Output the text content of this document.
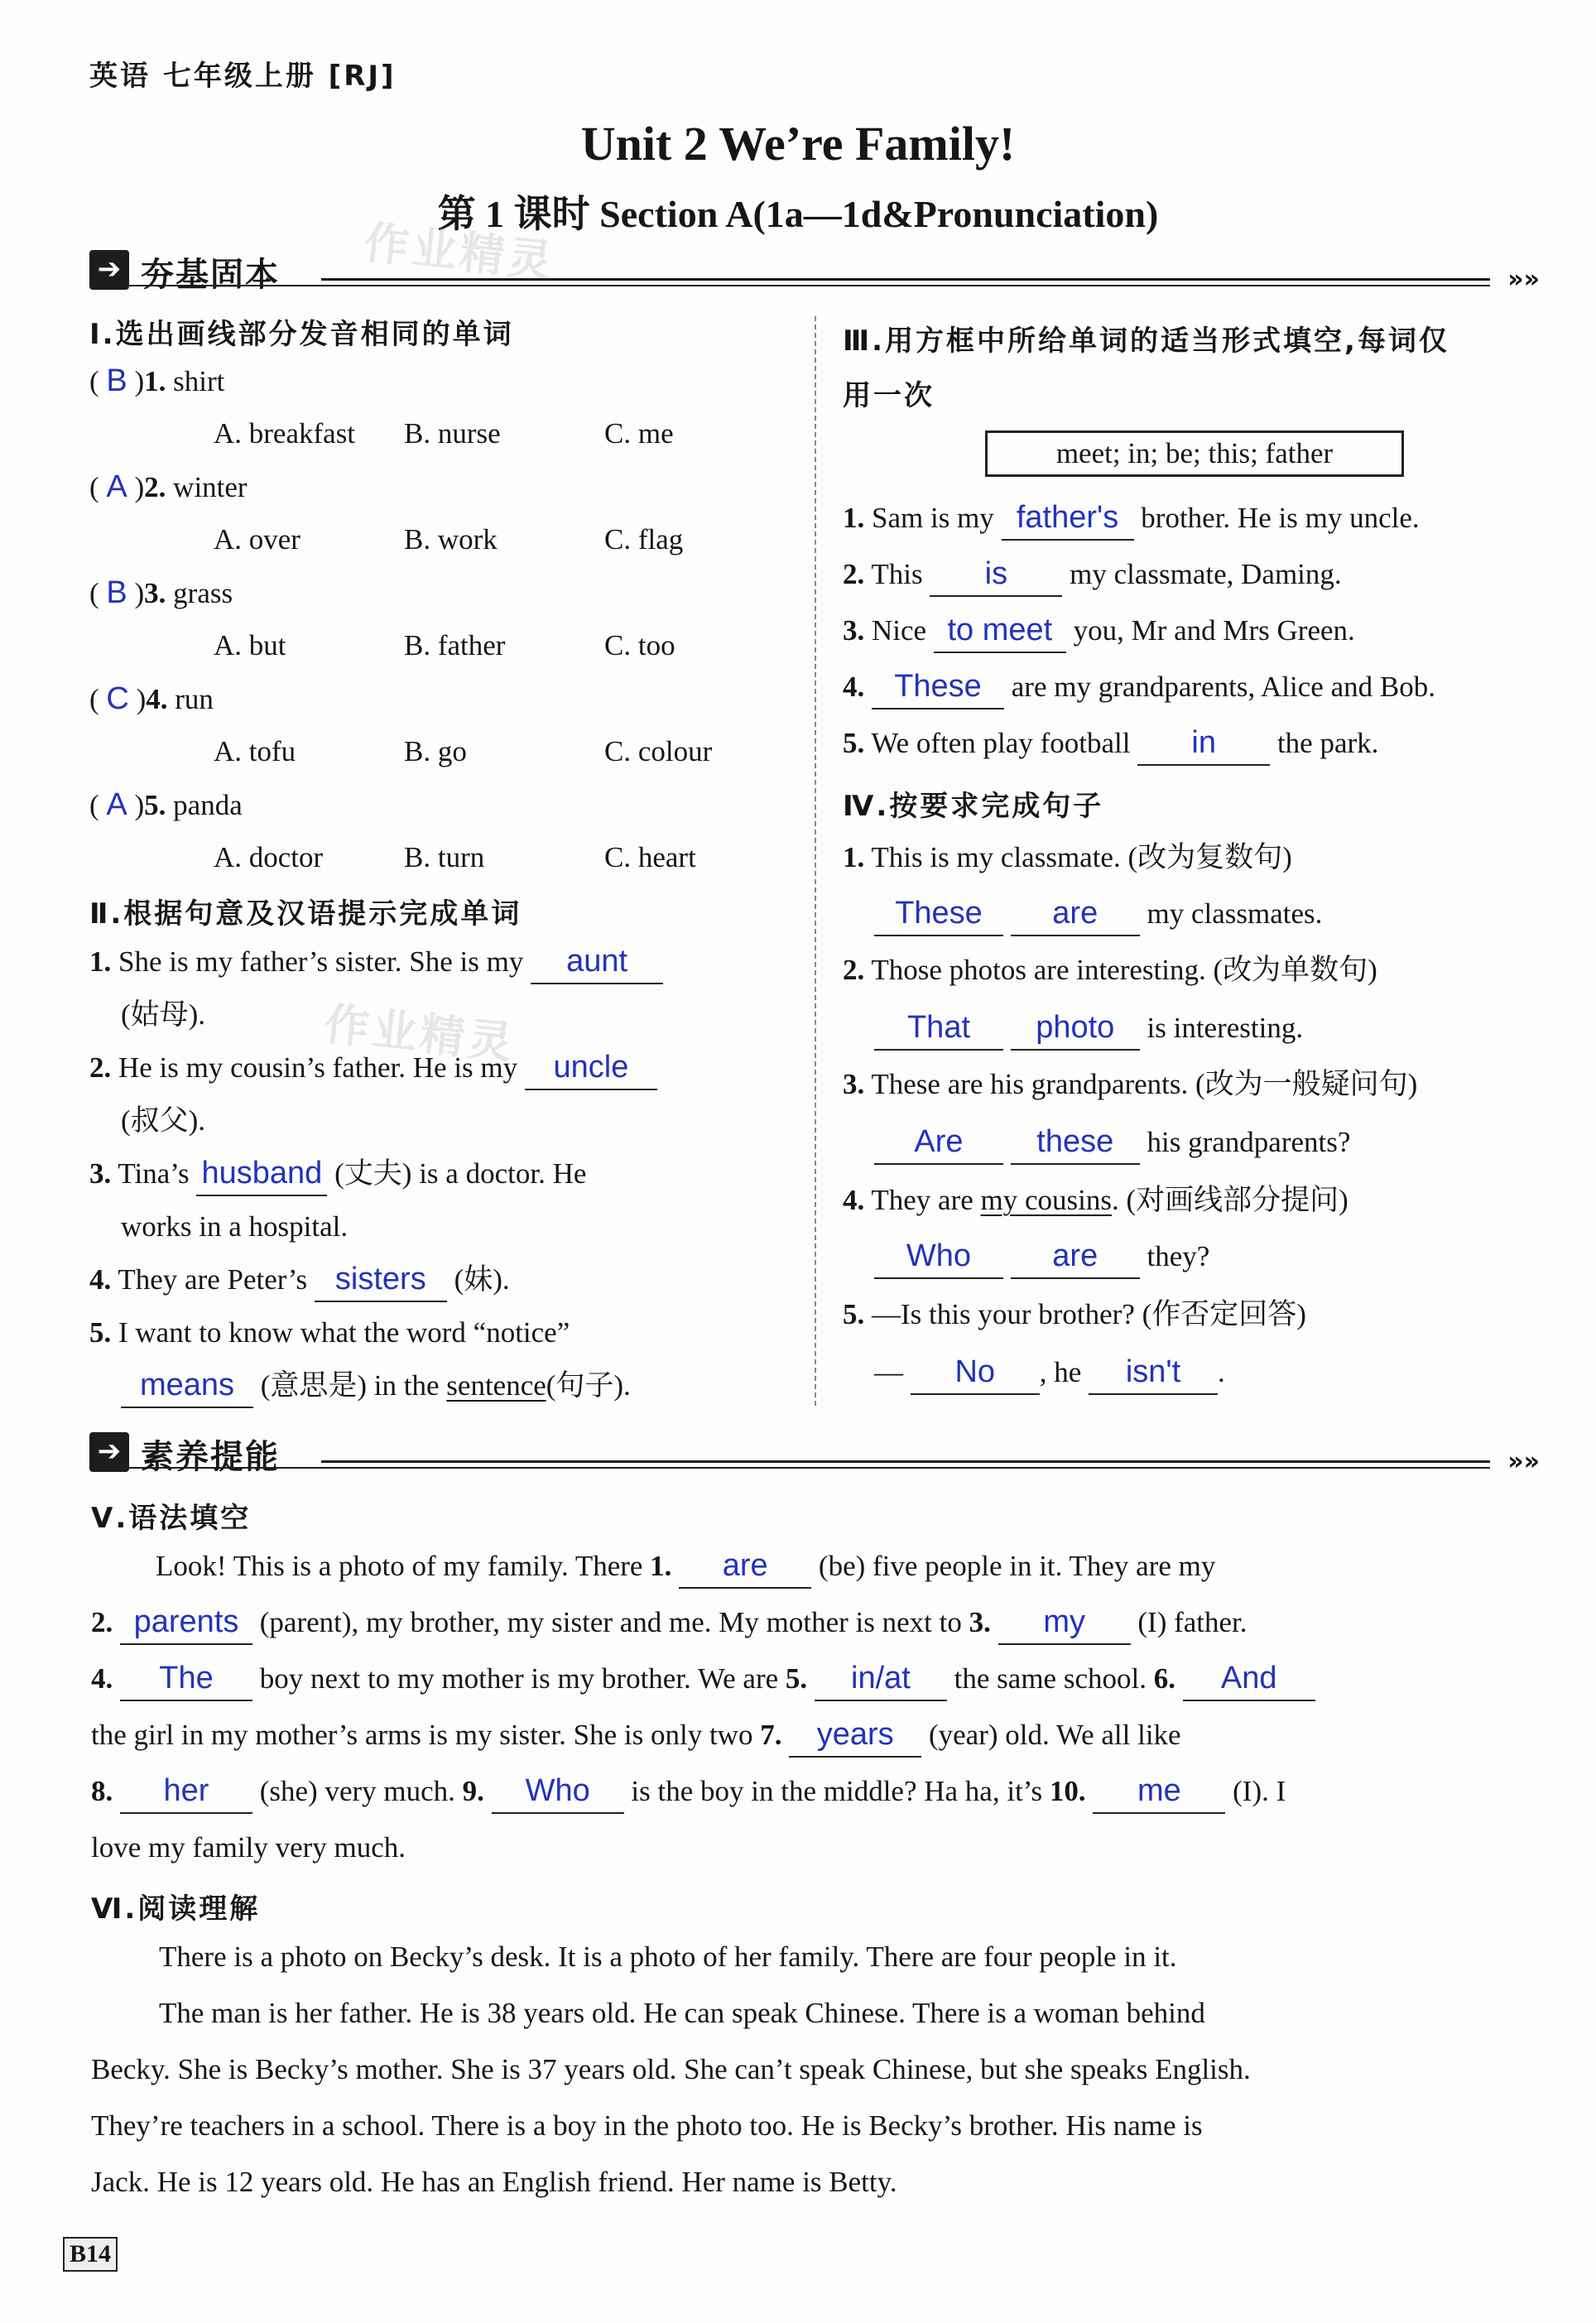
英语 七年级上册 [RJ]
Unit 2 We’re Family!
第 1 课时 Section A(1a—1d&Pronunciation)
作业精灵
作业精灵
➔ 夯基固本	»»
Ⅰ.选出画线部分发音相同的单词
( B )1. shirt
A. breakfast B. nurse	C. me
( A )2. winter
A. over	B. work	C. flag
( B )3. grass
A. but	B. father	C. too
( C )4. run
A. tofu	B. go	C. colour
( A )5. panda
A. doctor	B. turn	C. heart
Ⅱ.根据句意及汉语提示完成单词
1. She is my father’s sister. She is my aunt
(姑母).
2. He is my cousin’s father. He is my uncle
(叔父).
3. Tina’s husband (丈夫) is a doctor. He
works in a hospital.
4. They are Peter’s sisters (妹).
5. I want to know what the word “notice”
means (意思是) in the sentence(句子).
Ⅲ.用方框中所给单词的适当形式填空,每词仅
用一次
meet; in; be; this; father
1. Sam is my father's brother. He is my uncle.
2. This is my classmate, Daming.
3. Nice to meet you, Mr and Mrs Green.
4. These are my grandparents, Alice and Bob.
5. We often play football in the park.
Ⅳ.按要求完成句子
1. This is my classmate. (改为复数句)
These are my classmates.
2. Those photos are interesting. (改为单数句)
That photo is interesting.
3. These are his grandparents. (改为一般疑问句)
Are these his grandparents?
4. They are my cousins. (对画线部分提问)
Who	are they?
5. —Is this your brother? (作否定回答)
— No , he isn't .
➔ 素养提能	»»
Ⅴ.语法填空
Look! This is a photo of my family. There 1. are (be) five people in it. They are my
2. parents (parent), my brother, my sister and me. My mother is next to 3. my (I) father.
4. The boy next to my mother is my brother. We are 5. in/at the same school. 6. And
the girl in my mother’s arms is my sister. She is only two 7. years (year) old. We all like
8. her (she) very much. 9. Who is the boy in the middle? Ha ha, it’s 10. me (I). I
love my family very much.
Ⅵ.阅读理解
There is a photo on Becky’s desk. It is a photo of her family. There are four people in it.
The man is her father. He is 38 years old. He can speak Chinese. There is a woman behind
Becky. She is Becky’s mother. She is 37 years old. She can’t speak Chinese, but she speaks English.
They’re teachers in a school. There is a boy in the photo too. He is Becky’s brother. His name is
Jack. He is 12 years old. He has an English friend. Her name is Betty.
B14
